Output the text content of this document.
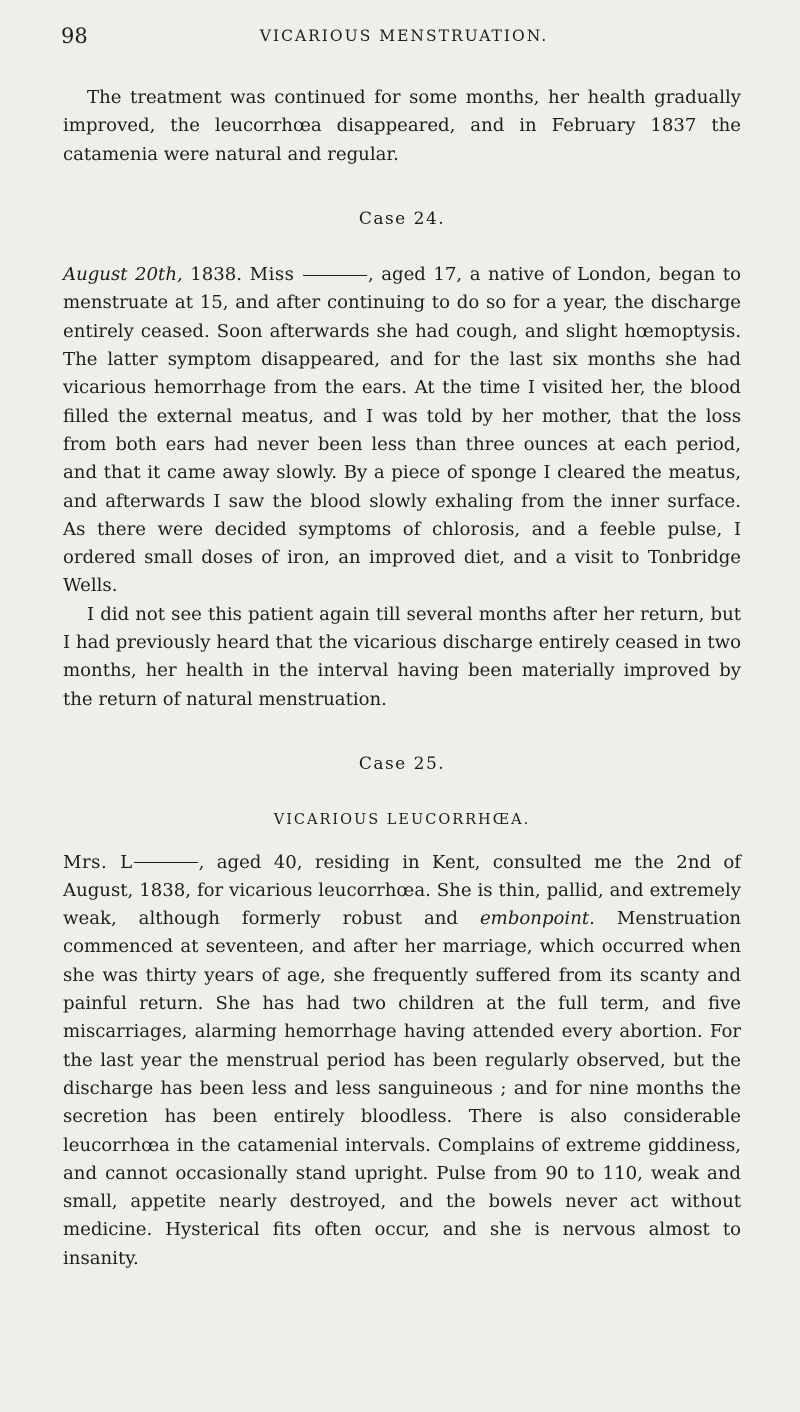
98	VICARIOUS MENSTRUATION.

The treatment was continued for some months, her health gradually improved, the leucorrhœa disappeared, and in February 1837 the catamenia were natural and regular.

Case 24.

August 20th, 1838. Miss	, aged 17, a native of London, began to menstruate at 15, and after continuing to do so for a year, the discharge entirely ceased. Soon afterwards she had cough, and slight hœmoptysis. The latter symptom disappeared, and for the last six months she had vicarious hemorrhage from the ears. At the time I visited her, the blood filled the external meatus, and I was told by her mother, that the loss from both ears had never been less than three ounces at each period, and that it came away slowly. By a piece of sponge I cleared the meatus, and afterwards I saw the blood slowly exhaling from the inner surface. As there were decided symptoms of chlorosis, and a feeble pulse, I ordered small doses of iron, an improved diet, and a visit to Tonbridge Wells.

I did not see this patient again till several months after her return, but I had previously heard that the vicarious discharge entirely ceased in two months, her health in the interval having been materially improved by the return of natural menstruation.

Case 25.

VICARIOUS LEUCORRHŒA.

Mrs. L	, aged 40, residing in Kent, consulted me the 2nd of August, 1838, for vicarious leucorrhœa. She is thin, pallid, and extremely weak, although formerly robust and embonpoint. Menstruation commenced at seventeen, and after her marriage, which occurred when she was thirty years of age, she frequently suffered from its scanty and painful return. She has had two children at the full term, and five miscarriages, alarming hemorrhage having attended every abortion. For the last year the menstrual period has been regularly observed, but the discharge has been less and less sanguineous ; and for nine months the secretion has been entirely bloodless. There is also considerable leucorrhœa in the catamenial intervals. Complains of extreme giddiness, and cannot occasionally stand upright. Pulse from 90 to 110, weak and small, appetite nearly destroyed, and the bowels never act without medicine. Hysterical fits often occur, and she is nervous almost to insanity.
